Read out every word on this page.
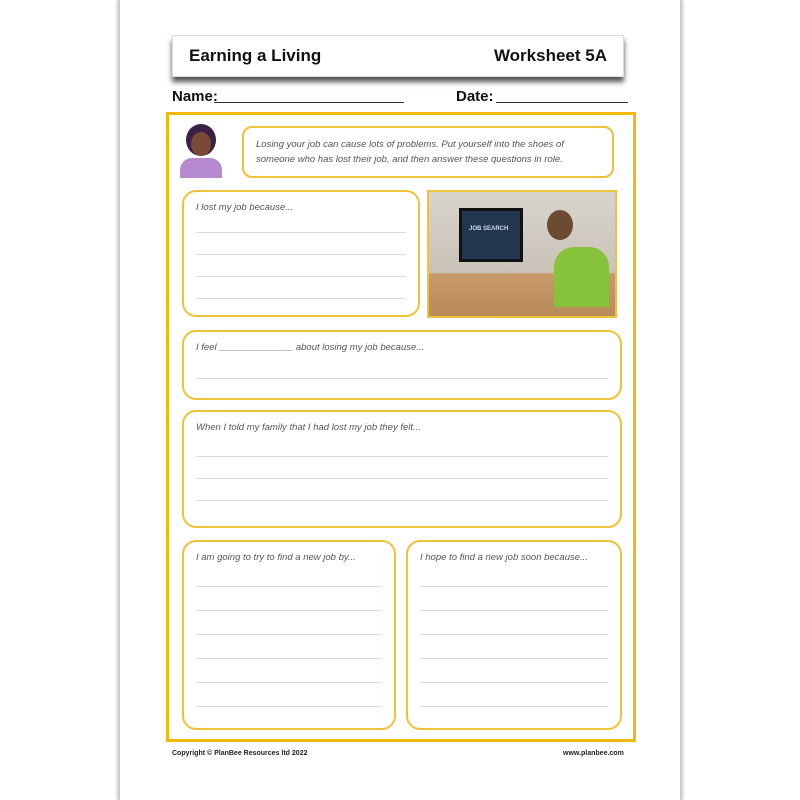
Earning a Living	Worksheet 5A
Name:	Date:
Losing your job can cause lots of problems. Put yourself into the shoes of someone who has lost their job, and then answer these questions in role.
I lost my job because...
JOB SEARCH
I feel ______________ about losing my job because...
When I told my family that I had lost my job they felt...
I am going to try to find a new job by...	I hope to find a new job soon because...
Copyright © PlanBee Resources ltd 2022	www.planbee.com
